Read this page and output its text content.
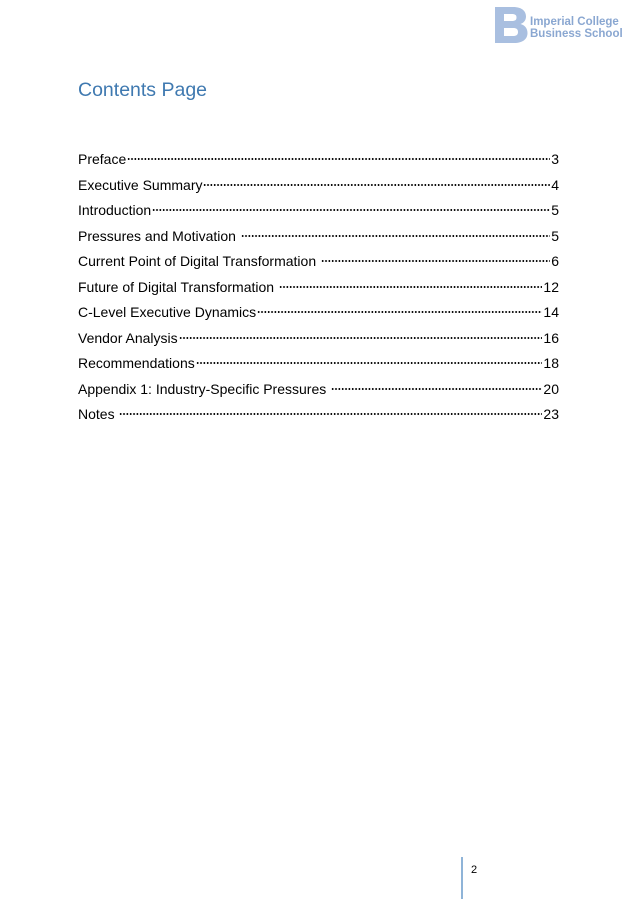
Imperial College
Business School
Contents Page
Preface	3
Executive Summary	4
Introduction	5
Pressures and Motivation	5
Current Point of Digital Transformation	6
Future of Digital Transformation	12
C-Level Executive Dynamics	14
Vendor Analysis	16
Recommendations	18
Appendix 1: Industry-Specific Pressures	20
Notes	23
2
